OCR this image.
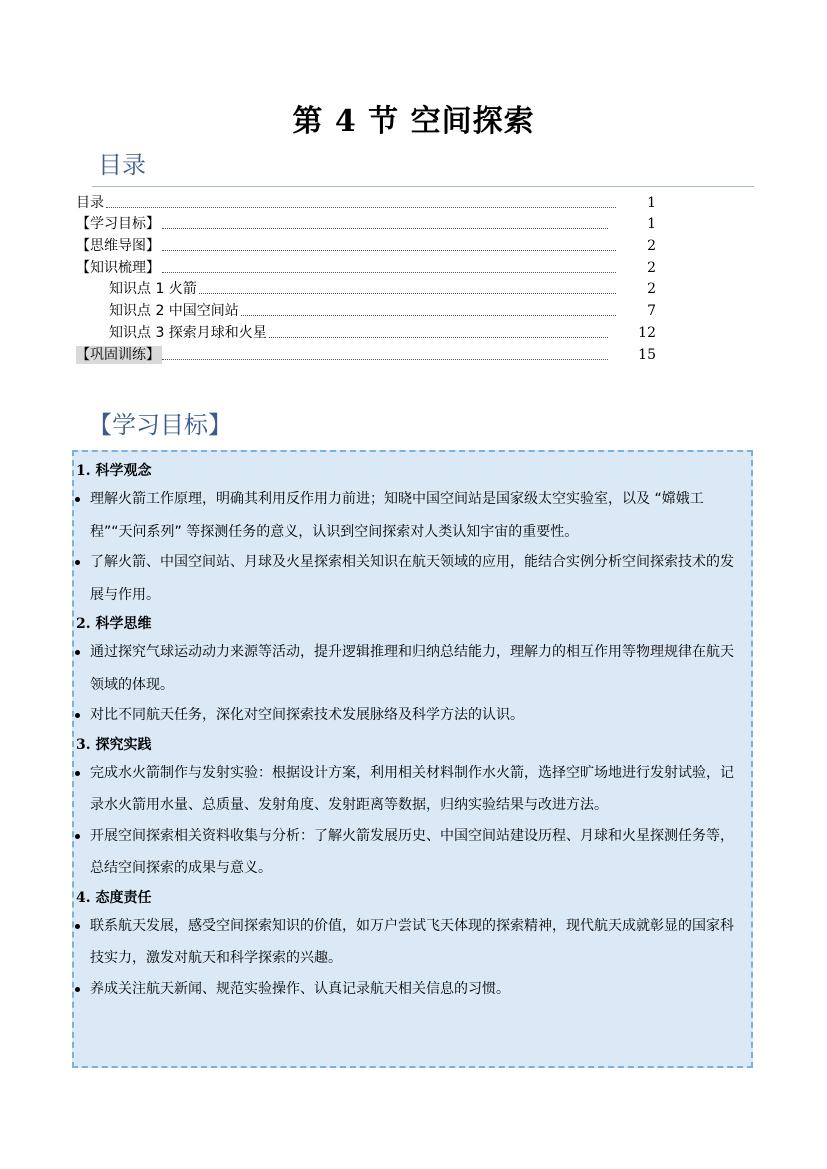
第 4 节 空间探索
目录
目录	1
【学习目标】	1
【思维导图】	2
【知识梳理】	2
知识点 1 火箭	2
知识点 2 中国空间站	7
知识点 3 探索月球和火星	12
【巩固训练】	15
【学习目标】
1. 科学观念
理解火箭工作原理，明确其利用反作用力前进；知晓中国空间站是国家级太空实验室，以及 “嫦娥工程”“天问系列” 等探测任务的意义，认识到空间探索对人类认知宇宙的重要性。
了解火箭、中国空间站、月球及火星探索相关知识在航天领域的应用，能结合实例分析空间探索技术的发展与作用。
2. 科学思维
通过探究气球运动动力来源等活动，提升逻辑推理和归纳总结能力，理解力的相互作用等物理规律在航天领域的体现。
对比不同航天任务，深化对空间探索技术发展脉络及科学方法的认识。
3. 探究实践
完成水火箭制作与发射实验：根据设计方案，利用相关材料制作水火箭，选择空旷场地进行发射试验，记录水火箭用水量、总质量、发射角度、发射距离等数据，归纳实验结果与改进方法。
开展空间探索相关资料收集与分析：了解火箭发展历史、中国空间站建设历程、月球和火星探测任务等，总结空间探索的成果与意义。
4. 态度责任
联系航天发展，感受空间探索知识的价值，如万户尝试飞天体现的探索精神，现代航天成就彰显的国家科技实力，激发对航天和科学探索的兴趣。
养成关注航天新闻、规范实验操作、认真记录航天相关信息的习惯。
